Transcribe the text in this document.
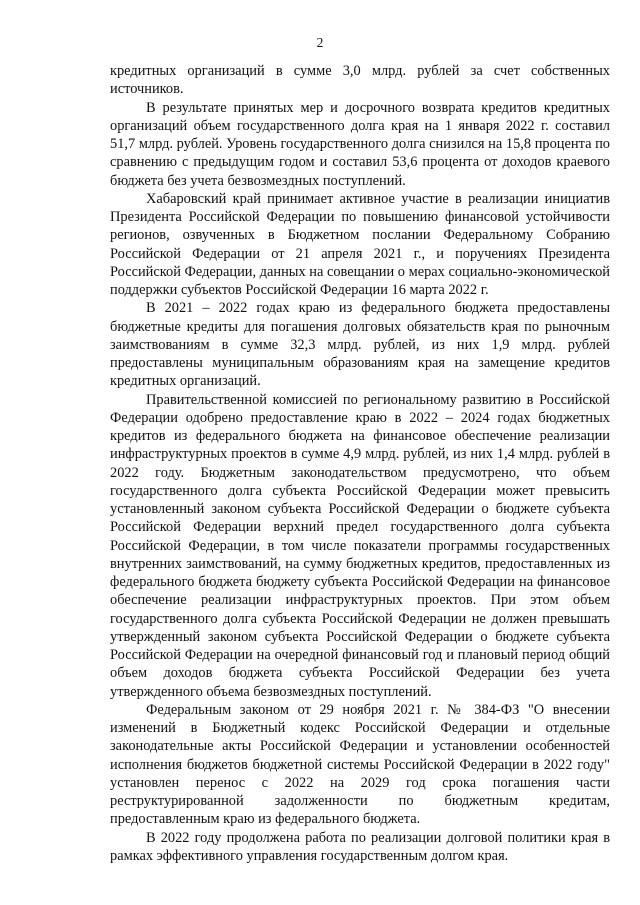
2

кредитных организаций в сумме 3,0 млрд. рублей за счет собственных источников.

В результате принятых мер и досрочного возврата кредитов кредитных организаций объем государственного долга края на 1 января 2022 г. составил 51,7 млрд. рублей. Уровень государственного долга снизился на 15,8 процента по сравнению с предыдущим годом и составил 53,6 процента от доходов краевого бюджета без учета безвозмездных поступлений.

Хабаровский край принимает активное участие в реализации инициатив Президента Российской Федерации по повышению финансовой устойчивости регионов, озвученных в Бюджетном послании Федеральному Собранию Российской Федерации от 21 апреля 2021 г., и поручениях Президента Российской Федерации, данных на совещании о мерах социально-экономической поддержки субъектов Российской Федерации 16 марта 2022 г.

В 2021 – 2022 годах краю из федерального бюджета предоставлены бюджетные кредиты для погашения долговых обязательств края по рыночным заимствованиям в сумме 32,3 млрд. рублей, из них 1,9 млрд. рублей предоставлены муниципальным образованиям края на замещение кредитов кредитных организаций.

Правительственной комиссией по региональному развитию в Российской Федерации одобрено предоставление краю в 2022 – 2024 годах бюджетных кредитов из федерального бюджета на финансовое обеспечение реализации инфраструктурных проектов в сумме 4,9 млрд. рублей, из них 1,4 млрд. рублей в 2022 году. Бюджетным законодательством предусмотрено, что объем государственного долга субъекта Российской Федерации может превысить установленный законом субъекта Российской Федерации о бюджете субъекта Российской Федерации верхний предел государственного долга субъекта Российской Федерации, в том числе показатели программы государственных внутренних заимствований, на сумму бюджетных кредитов, предоставленных из федерального бюджета бюджету субъекта Российской Федерации на финансовое обеспечение реализации инфраструктурных проектов. При этом объем государственного долга субъекта Российской Федерации не должен превышать утвержденный законом субъекта Российской Федерации о бюджете субъекта Российской Федерации на очередной финансовый год и плановый период общий объем доходов бюджета субъекта Российской Федерации без учета утвержденного объема безвозмездных поступлений.

Федеральным законом от 29 ноября 2021 г. № 384-ФЗ "О внесении изменений в Бюджетный кодекс Российской Федерации и отдельные законодательные акты Российской Федерации и установлении особенностей исполнения бюджетов бюджетной системы Российской Федерации в 2022 году" установлен перенос с 2022 на 2029 год срока погашения части реструктурированной задолженности по бюджетным кредитам, предоставленным краю из федерального бюджета.

В 2022 году продолжена работа по реализации долговой политики края в рамках эффективного управления государственным долгом края.
